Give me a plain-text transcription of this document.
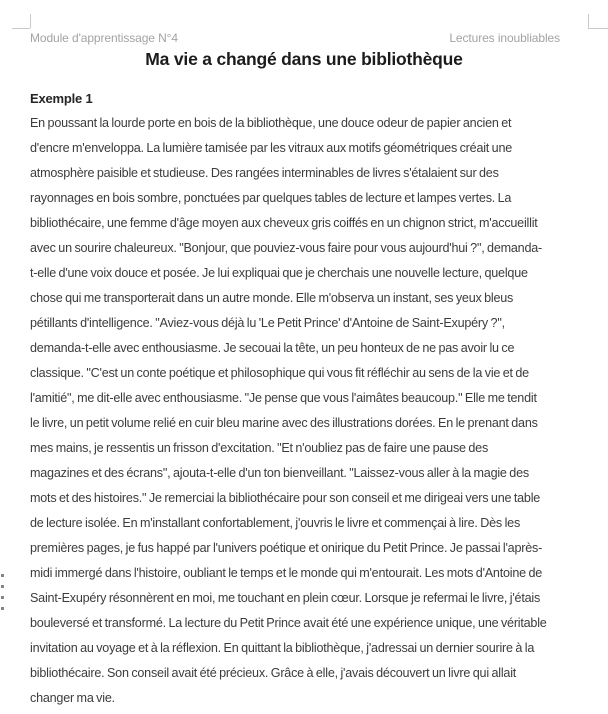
Module d'apprentissage N°4	Lectures inoubliables
Ma vie a changé dans une bibliothèque
Exemple 1
En poussant la lourde porte en bois de la bibliothèque, une douce odeur de papier ancien et
d'encre m'enveloppa. La lumière tamisée par les vitraux aux motifs géométriques créait une
atmosphère paisible et studieuse. Des rangées interminables de livres s'étalaient sur des
rayonnages en bois sombre, ponctuées par quelques tables de lecture et lampes vertes. La
bibliothécaire, une femme d'âge moyen aux cheveux gris coiffés en un chignon strict, m'accueillit
avec un sourire chaleureux. "Bonjour, que pouviez-vous faire pour vous aujourd'hui ?", demanda-
t-elle d'une voix douce et posée. Je lui expliquai que je cherchais une nouvelle lecture, quelque
chose qui me transporterait dans un autre monde. Elle m'observa un instant, ses yeux bleus
pétillants d'intelligence. "Aviez-vous déjà lu 'Le Petit Prince' d'Antoine de Saint-Exupéry ?",
demanda-t-elle avec enthousiasme. Je secouai la tête, un peu honteux de ne pas avoir lu ce
classique. "C'est un conte poétique et philosophique qui vous fit réfléchir au sens de la vie et de
l'amitié", me dit-elle avec enthousiasme. "Je pense que vous l'aimâtes beaucoup." Elle me tendit
le livre, un petit volume relié en cuir bleu marine avec des illustrations dorées. En le prenant dans
mes mains, je ressentis un frisson d'excitation. "Et n'oubliez pas de faire une pause des
magazines et des écrans", ajouta-t-elle d'un ton bienveillant. "Laissez-vous aller à la magie des
mots et des histoires." Je remerciai la bibliothécaire pour son conseil et me dirigeai vers une table
de lecture isolée. En m'installant confortablement, j'ouvris le livre et commençai à lire. Dès les
premières pages, je fus happé par l'univers poétique et onirique du Petit Prince. Je passai l'après-
midi immergé dans l'histoire, oubliant le temps et le monde qui m'entourait. Les mots d'Antoine de
Saint-Exupéry résonnèrent en moi, me touchant en plein cœur. Lorsque je refermai le livre, j'étais
bouleversé et transformé. La lecture du Petit Prince avait été une expérience unique, une véritable
invitation au voyage et à la réflexion. En quittant la bibliothèque, j'adressai un dernier sourire à la
bibliothécaire. Son conseil avait été précieux. Grâce à elle, j'avais découvert un livre qui allait
changer ma vie.
